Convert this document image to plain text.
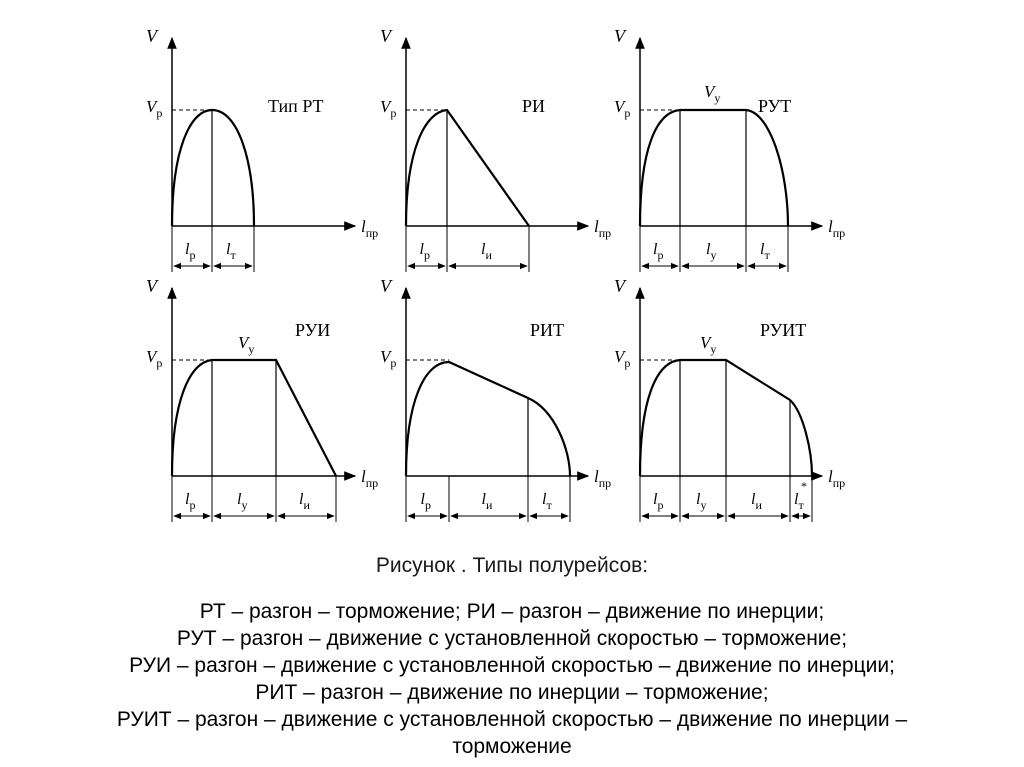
$l_р$ $l_т$
V
$V_р$
$l_{пр}$
Тип РТ
$l_р$	$l_и$
V
$V_р$
$l_{пр}$
РИ
$l_р$	$l_у$	$l_т$
V
$V_р$
$l_{пр}$
$V_у$ РУТ
$l_р$	$l_у$	$l_и$
V
$V_р$
$l_{пр}$
$V_у$
РУИ
$l_р$	$l_и$	$l_т$
V
$V_р$
$l_{пр}$
РИТ
$l_р$ $l_у$	$l_и$ $l_т$
V
$V_р$
$l_{пр}$
$V_у$
*
РУИТ
Рисунок . Типы полурейсов:
РТ – разгон – торможение; РИ – разгон – движение по инерции;
РУТ – разгон – движение с установленной скоростью – торможение;
РУИ – разгон – движение с установленной скоростью – движение по инерции;
РИТ – разгон – движение по инерции – торможение;
РУИТ – разгон – движение с установленной скоростью – движение по инерции –
торможение
